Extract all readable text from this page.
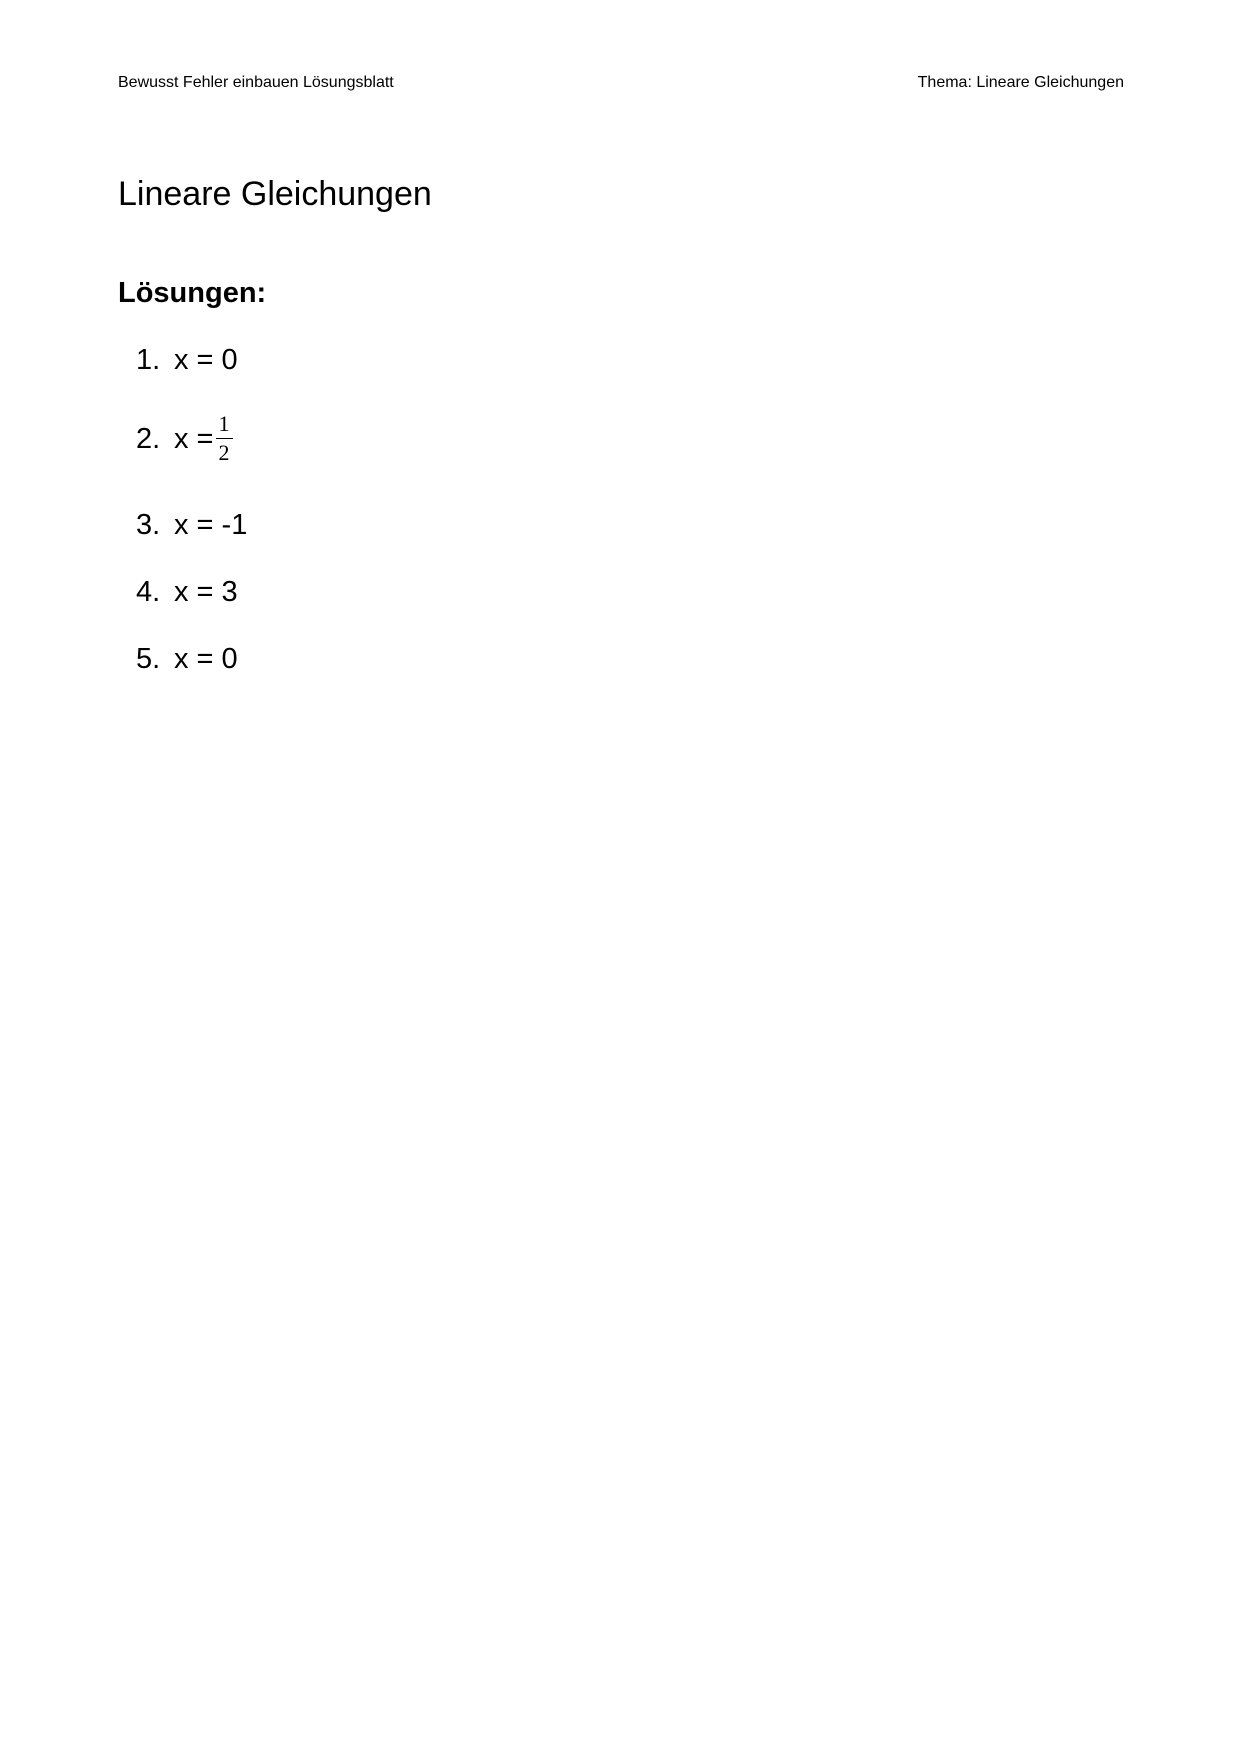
Bewusst Fehler einbauen Lösungsblatt	Thema: Lineare Gleichungen
Lineare Gleichungen
Lösungen:
1. x = 0
2. $x = \frac{1}{2}$
3. x = -1
4. x = 3
5. x = 0
